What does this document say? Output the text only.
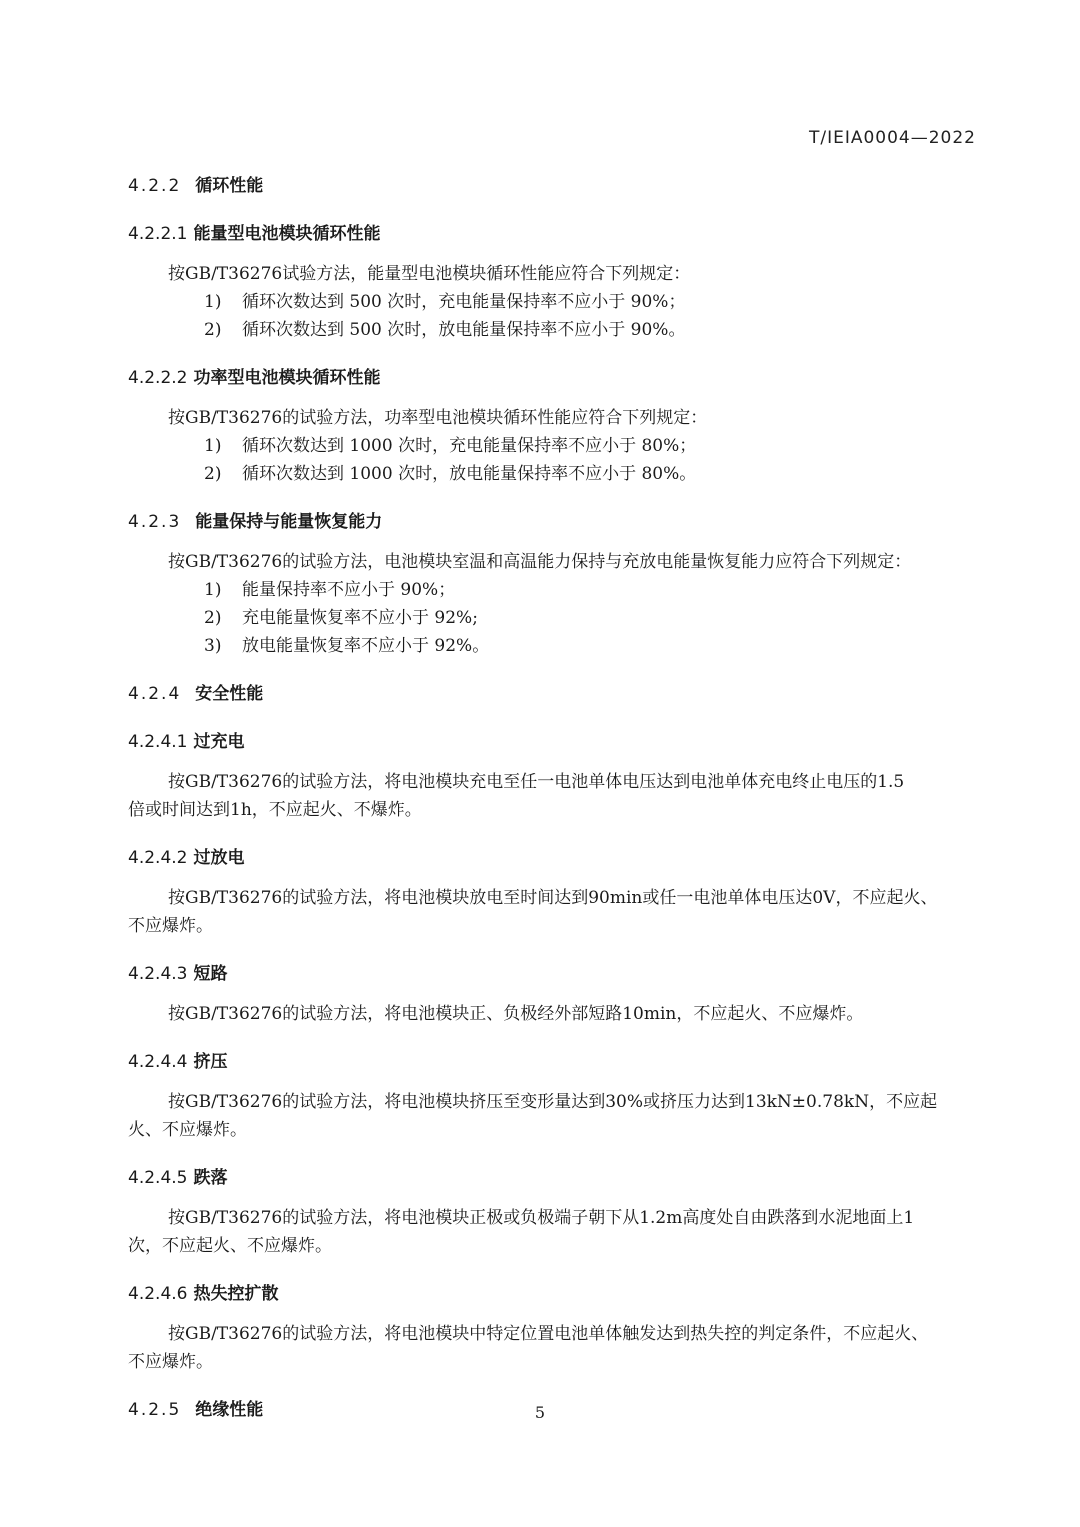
T/IEIA0004—2022
4.2.2 循环性能
4.2.2.1 能量型电池模块循环性能

按GB/T36276试验方法，能量型电池模块循环性能应符合下列规定：

1) 循环次数达到 500 次时，充电能量保持率不应小于 90%；
2) 循环次数达到 500 次时，放电能量保持率不应小于 90%。
4.2.2.2 功率型电池模块循环性能

按GB/T36276的试验方法，功率型电池模块循环性能应符合下列规定：

1) 循环次数达到 1000 次时，充电能量保持率不应小于 80%；
2) 循环次数达到 1000 次时，放电能量保持率不应小于 80%。
4.2.3 能量保持与能量恢复能力

按GB/T36276的试验方法，电池模块室温和高温能力保持与充放电能量恢复能力应符合下列规定：

1) 能量保持率不应小于 90%；
2) 充电能量恢复率不应小于 92%;
3) 放电能量恢复率不应小于 92%。
4.2.4 安全性能
4.2.4.1 过充电

按GB/T36276的试验方法，将电池模块充电至任一电池单体电压达到电池单体充电终止电压的1.5
倍或时间达到1h，不应起火、不爆炸。

4.2.4.2 过放电

按GB/T36276的试验方法，将电池模块放电至时间达到90min或任一电池单体电压达0V，不应起火、
不应爆炸。

4.2.4.3 短路

按GB/T36276的试验方法，将电池模块正、负极经外部短路10min，不应起火、不应爆炸。

4.2.4.4 挤压

按GB/T36276的试验方法，将电池模块挤压至变形量达到30%或挤压力达到13kN±0.78kN，不应起
火、不应爆炸。

4.2.4.5 跌落

按GB/T36276的试验方法，将电池模块正极或负极端子朝下从1.2m高度处自由跌落到水泥地面上1
次，不应起火、不应爆炸。

4.2.4.6 热失控扩散

按GB/T36276的试验方法，将电池模块中特定位置电池单体触发达到热失控的判定条件，不应起火、
不应爆炸。

4.2.5 绝缘性能	5
